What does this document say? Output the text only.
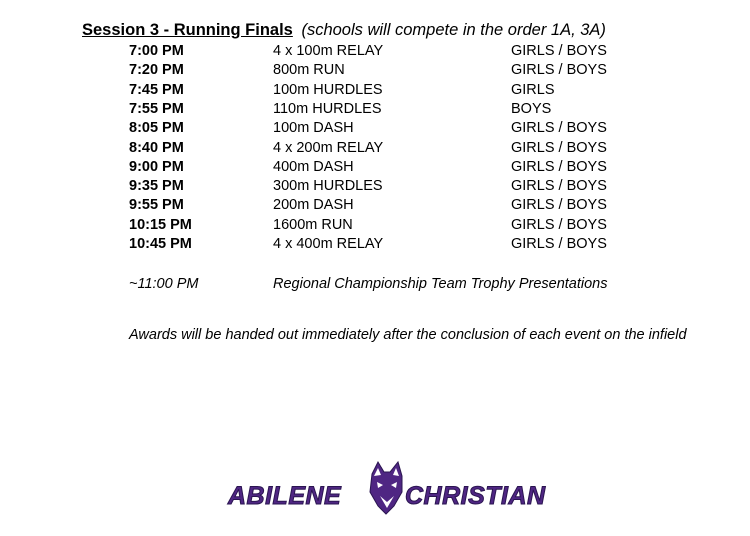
Session 3 - Running Finals (schools will compete in the order 1A, 3A)
7:00 PM	4 x 100m RELAY	GIRLS / BOYS
7:20 PM	800m RUN	GIRLS / BOYS
7:45 PM	100m HURDLES	GIRLS
7:55 PM	110m HURDLES	BOYS
8:05 PM	100m DASH	GIRLS / BOYS
8:40 PM	4 x 200m RELAY	GIRLS / BOYS
9:00 PM	400m DASH	GIRLS / BOYS
9:35 PM	300m HURDLES	GIRLS / BOYS
9:55 PM	200m DASH	GIRLS / BOYS
10:15 PM	1600m RUN	GIRLS / BOYS
10:45 PM	4 x 400m RELAY	GIRLS / BOYS
~11:00 PM	Regional Championship Team Trophy Presentations
Awards will be handed out immediately after the conclusion of each event on the infield
ABILENE	CHRISTIAN
